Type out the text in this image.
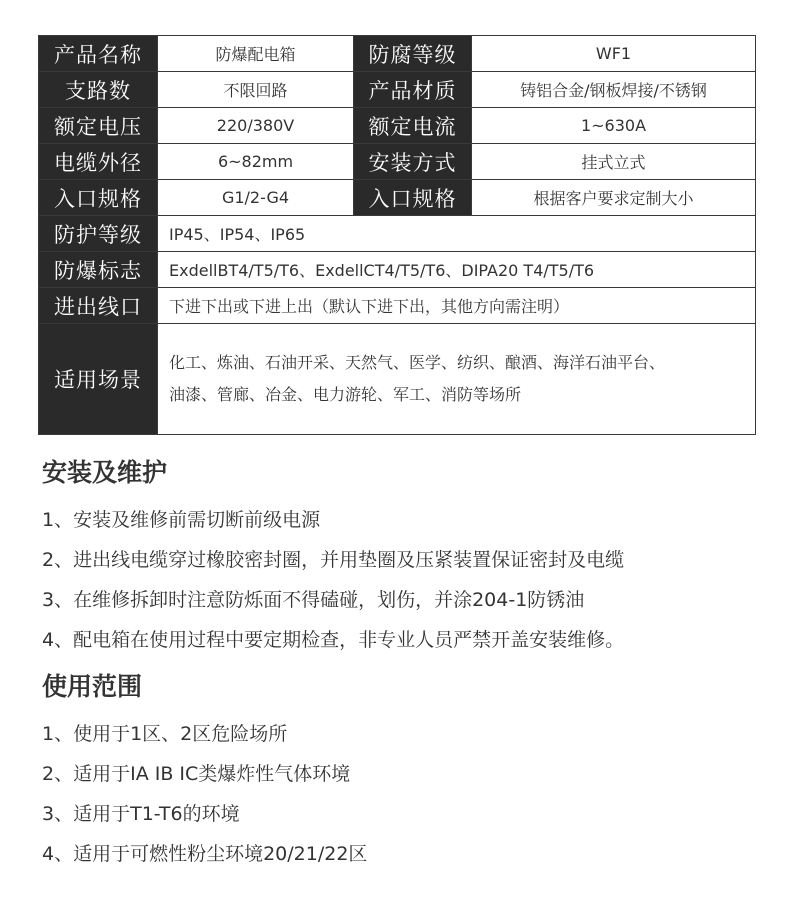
产品名称	防爆配电箱	防腐等级	WF1
支路数	不限回路	产品材质	铸铝合金/钢板焊接/不锈钢
额定电压	220/380V	额定电流	1~630A
电缆外径	6~82mm	安装方式	挂式立式
入口规格	G1/2-G4	入口规格	根据客户要求定制大小
防护等级	IP45、IP54、IP65		
防爆标志	ExdellBT4/T5/T6、ExdellCT4/T5/T6、DIPA20 T4/T5/T6		
进出线口	下进下出或下进上出（默认下进下出，其他方向需注明）		
适用场景	化工、炼油、石油开采、天然气、医学、纺织、酿酒、海洋石油平台、
油漆、管廊、冶金、电力游轮、军工、消防等场所		
安装及维护
1、安装及维修前需切断前级电源
2、进出线电缆穿过橡胶密封圈，并用垫圈及压紧装置保证密封及电缆
3、在维修拆卸时注意防烁面不得磕碰，划伤，并涂204-1防锈油
4、配电箱在使用过程中要定期检查，非专业人员严禁开盖安装维修。
使用范围
1、使用于1区、2区危险场所
2、适用于IA IB IC类爆炸性气体环境
3、适用于T1-T6的环境
4、适用于可燃性粉尘环境20/21/22区
